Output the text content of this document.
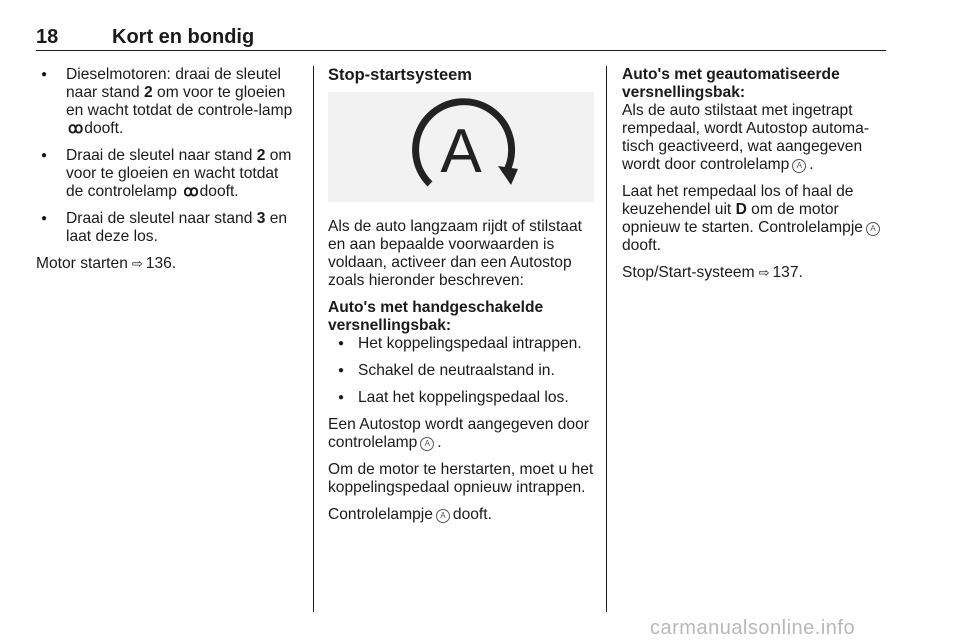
18	Kort en bondig
● Dieselmotoren: draai de sleutel naar stand 2 om voor te gloeien en wacht totdat de controle-lamp ꝏ dooft.
● Draai de sleutel naar stand 2 om voor te gloeien en wacht totdat de controlelamp ꝏ dooft.
● Draai de sleutel naar stand 3 en laat deze los.

Motor starten ⇨ 136.

Stop-startsysteem
A

Als de auto langzaam rijdt of stilstaat en aan bepaalde voorwaarden is voldaan, activeer dan een Autostop zoals hieronder beschreven:

Auto's met handgeschakelde versnellingsbak:

● Het koppelingspedaal intrappen.
● Schakel de neutraalstand in.
● Laat het koppelingspedaal los.

Een Autostop wordt aangegeven door controlelamp A .

Om de motor te herstarten, moet u het koppelingspedaal opnieuw intrappen.

Controlelampje A dooft.

Auto's met geautomatiseerde versnellingsbak:

Als de auto stilstaat met ingetrapt rempedaal, wordt Autostop automa-tisch geactiveerd, wat aangegeven wordt door controlelamp A .

Laat het rempedaal los of haal de keuzehendel uit D om de motor opnieuw te starten. Controlelampje Adooft.

Stop/Start-systeem ⇨ 137.

carmanualsonline.info
